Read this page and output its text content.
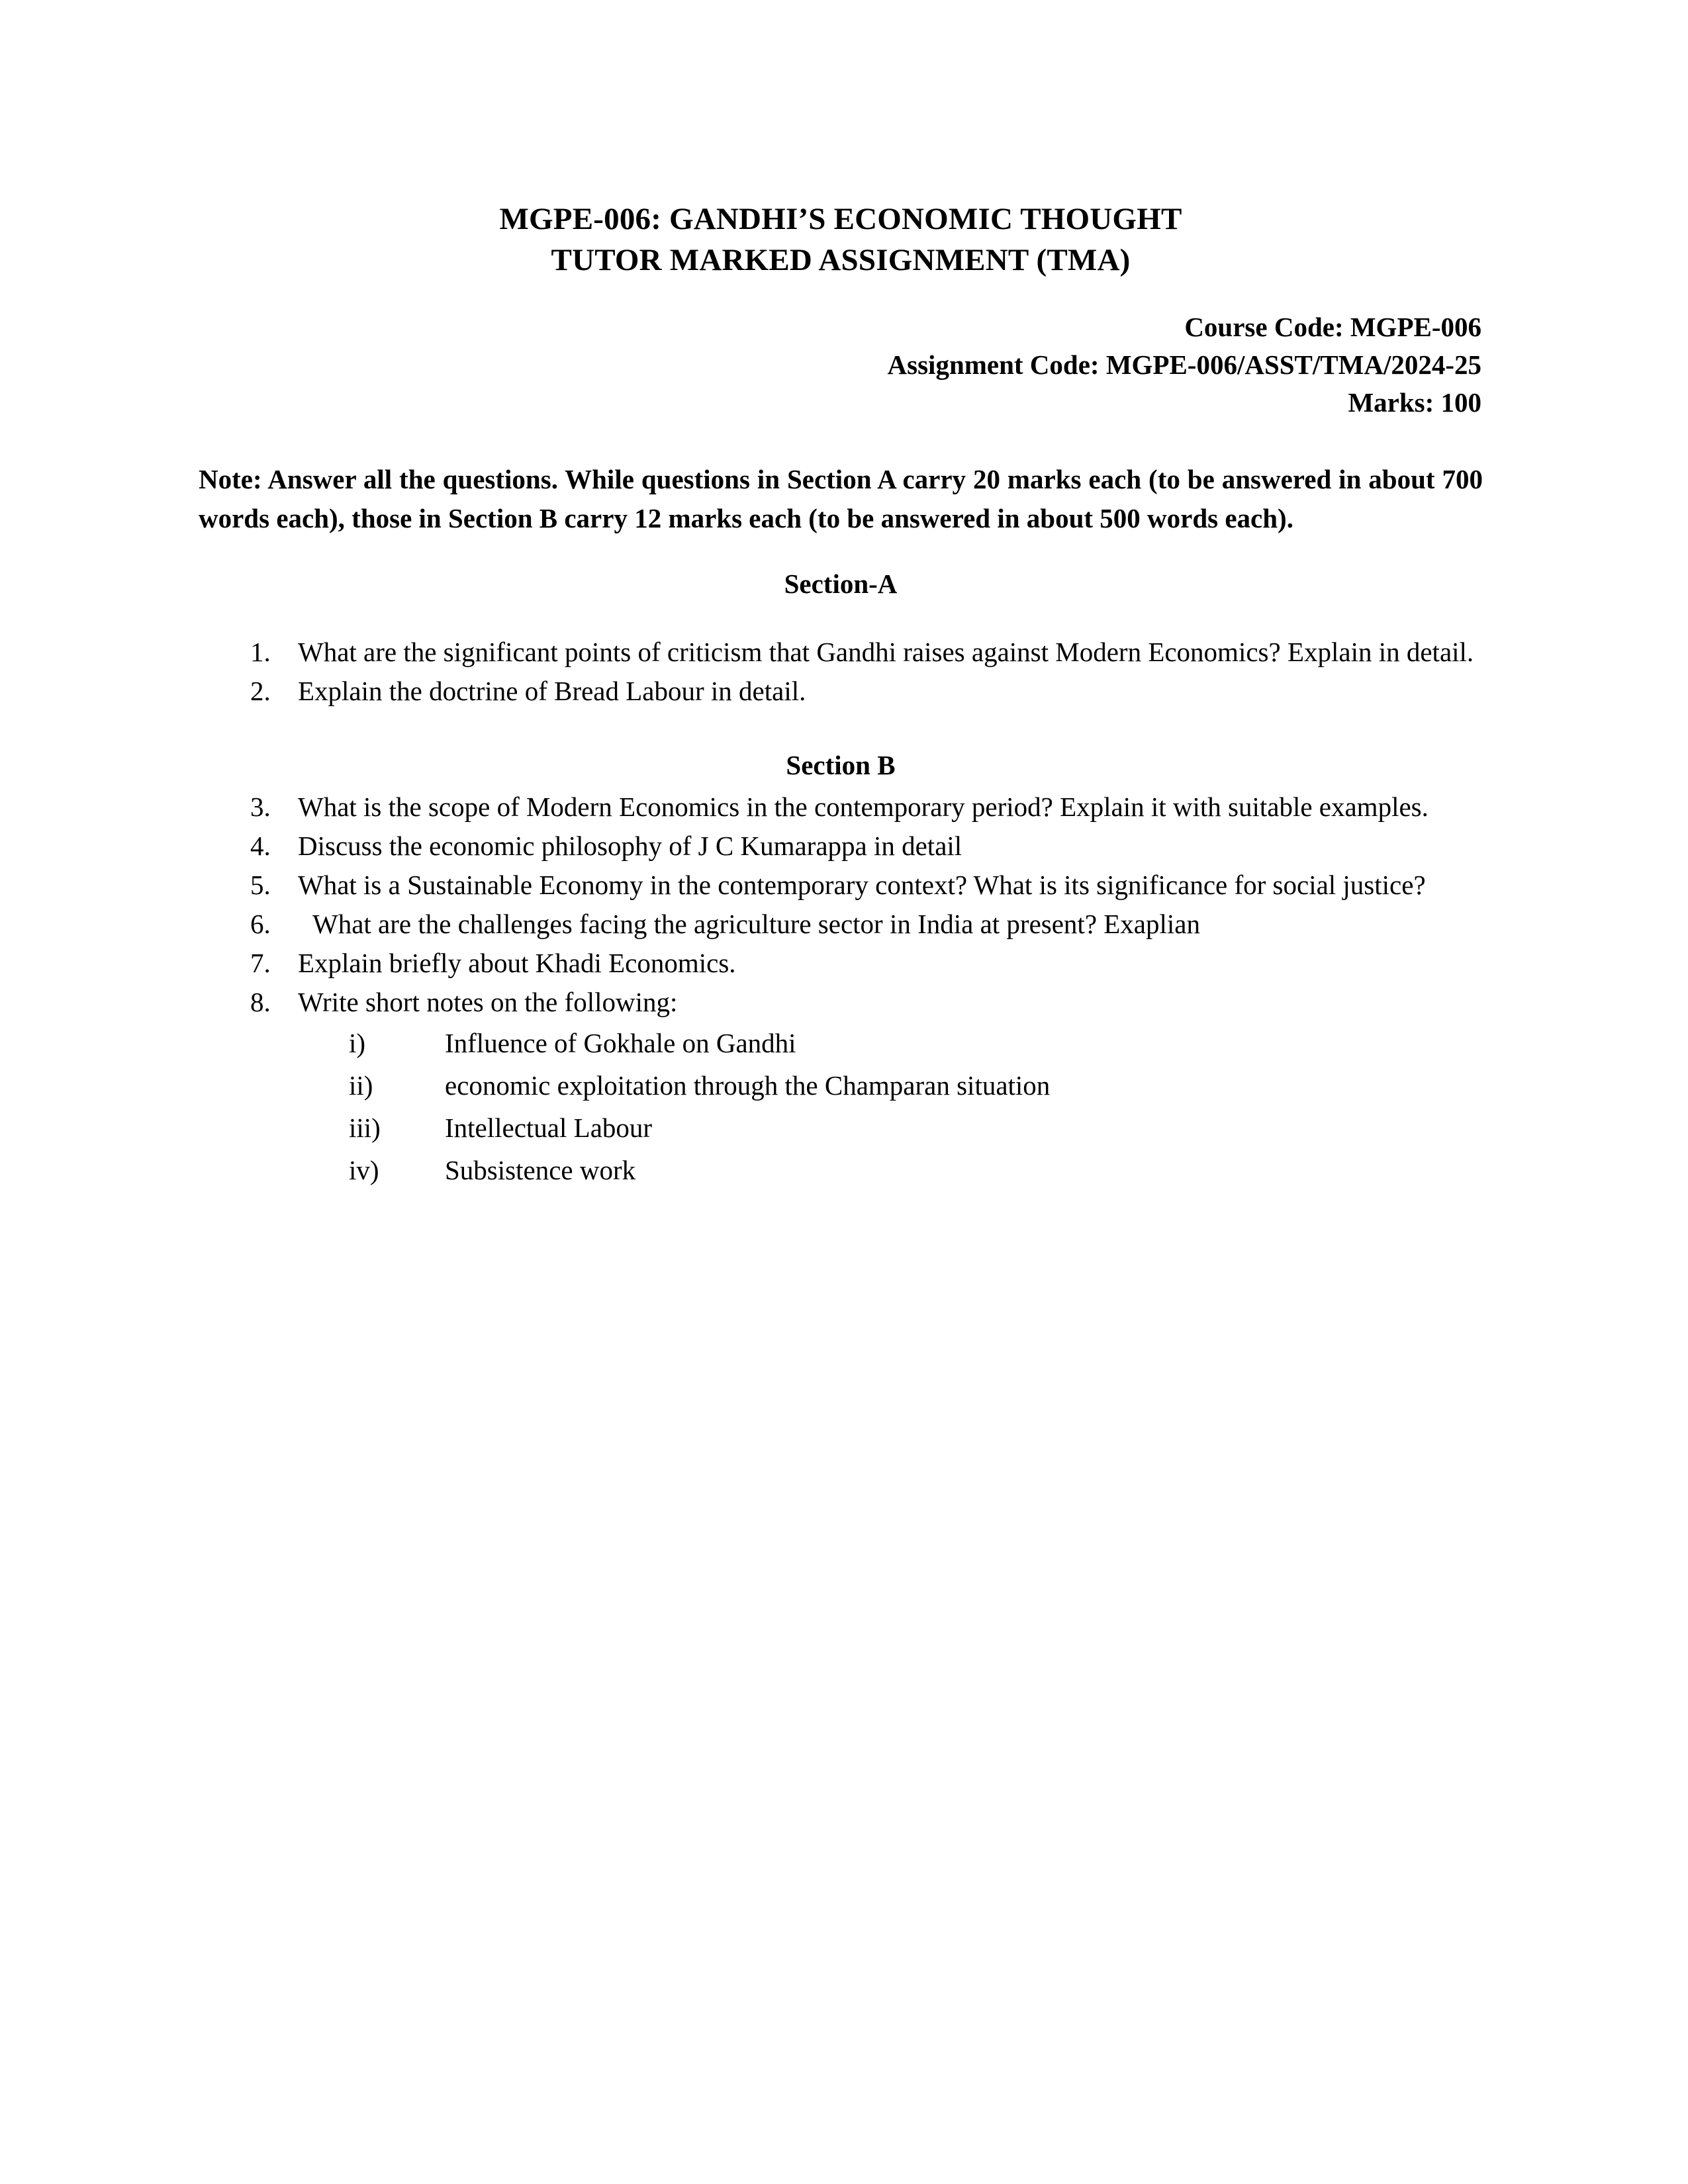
MGPE-006: GANDHI’S ECONOMIC THOUGHT
TUTOR MARKED ASSIGNMENT (TMA)
Course Code: MGPE-006
Assignment Code: MGPE-006/ASST/TMA/2024-25
Marks: 100

Note: Answer all the questions. While questions in Section A carry 20 marks each (to be answered in about 700 words each), those in Section B carry 12 marks each (to be answered in about 500 words each).

Section-A
1.	What are the significant points of criticism that Gandhi raises against Modern Economics? Explain in detail.
2.	Explain the doctrine of Bread Labour in detail.
Section B
3.	What is the scope of Modern Economics in the contemporary period? Explain it with suitable examples.
4.	Discuss the economic philosophy of J C Kumarappa in detail
5.	What is a Sustainable Economy in the contemporary context? What is its significance for social justice?
6.	What are the challenges facing the agriculture sector in India at present? Exaplian
7.	Explain briefly about Khadi Economics.
8.	Write short notes on the following:
i)	Influence of Gokhale on Gandhi
ii)	economic exploitation through the Champaran situation
iii)	Intellectual Labour
iv)	Subsistence work
